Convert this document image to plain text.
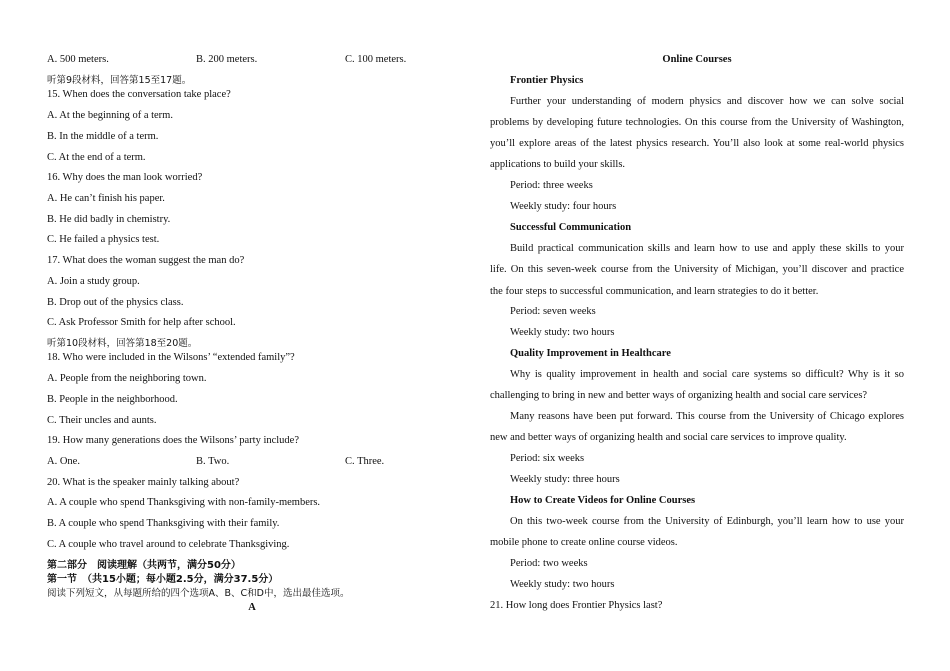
A. 500 meters.	B. 200 meters.	C. 100 meters.
听第9段材料，回答第15至17题。
15. When does the conversation take place?
A. At the beginning of a term.
B. In the middle of a term.
C. At the end of a term.
16. Why does the man look worried?
A. He can’t finish his paper.
B. He did badly in chemistry.
C. He failed a physics test.
17. What does the woman suggest the man do?
A. Join a study group.
B. Drop out of the physics class.
C. Ask Professor Smith for help after school.
听第10段材料，回答第18至20题。
18. Who were included in the Wilsons’ “extended family”?
A. People from the neighboring town.
B. People in the neighborhood.
C. Their uncles and aunts.
19. How many generations does the Wilsons’ party include?
A. One.	B. Two.	C. Three.
20. What is the speaker mainly talking about?
A. A couple who spend Thanksgiving with non-family-members.
B. A couple who spend Thanksgiving with their family.
C. A couple who travel around to celebrate Thanksgiving.
第二部分　阅读理解（共两节，满分50分）
第一节　（共15小题；每小题2.5分，满分37.5分）
阅读下列短文，从每题所给的四个选项A、B、C和D中，选出最佳选项。
A
Online Courses
Frontier Physics
Further your understanding of modern physics and discover how we can solve social
problems by developing future technologies. On this course from the University of Washington,
you’ll explore areas of the latest physics research. You’ll also look at some real-world physics
applications to build your skills.
Period: three weeks
Weekly study: four hours
Successful Communication
Build practical communication skills and learn how to use and apply these skills to your
life. On this seven-week course from the University of Michigan, you’ll discover and practice
the four steps to successful communication, and learn strategies to do it better.
Period: seven weeks
Weekly study: two hours
Quality Improvement in Healthcare
Why is quality improvement in health and social care systems so difficult? Why is it so
challenging to bring in new and better ways of organizing health and social care services?
Many reasons have been put forward. This course from the University of Chicago explores
new and better ways of organizing health and social care services to improve quality.
Period: six weeks
Weekly study: three hours
How to Create Videos for Online Courses
On this two-week course from the University of Edinburgh, you’ll learn how to use your
mobile phone to create online course videos.
Period: two weeks
Weekly study: two hours
21. How long does Frontier Physics last?
